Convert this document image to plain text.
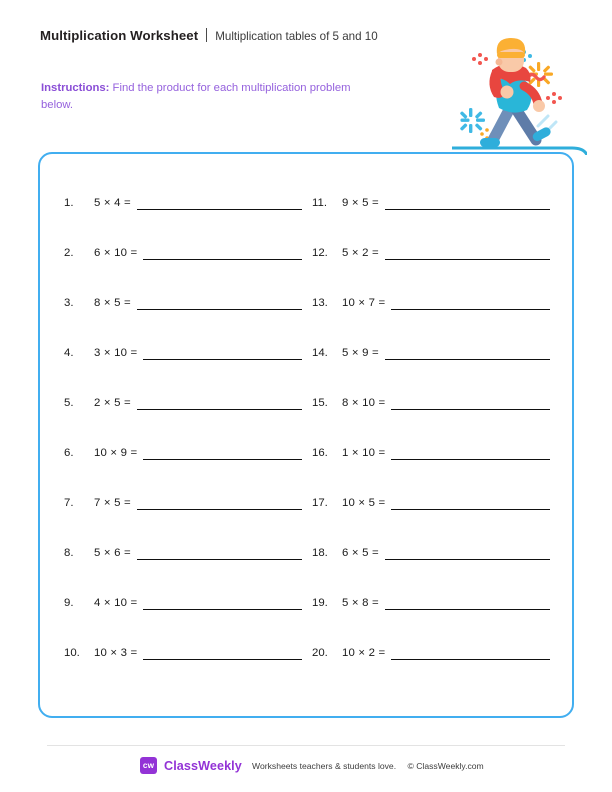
Multiplication Worksheet Multiplication tables of 5 and 10
Instructions: Find the product for each multiplication problem below.
1.	5 × 4 =
2.	6 × 10 =
3.	8 × 5 =
4.	3 × 10 =
5.	2 × 5 =
6.	10 × 9 =
7.	7 × 5 =
8.	5 × 6 =
9.	4 × 10 =
10.	10 × 3 =
11.	9 × 5 =
12.	5 × 2 =
13.	10 × 7 =
14.	5 × 9 =
15.	8 × 10 =
16.	1 × 10 =
17.	10 × 5 =
18.	6 × 5 =
19.	5 × 8 =
20.	10 × 2 =
cw ClassWeekly Worksheets teachers & students love. © ClassWeekly.com
